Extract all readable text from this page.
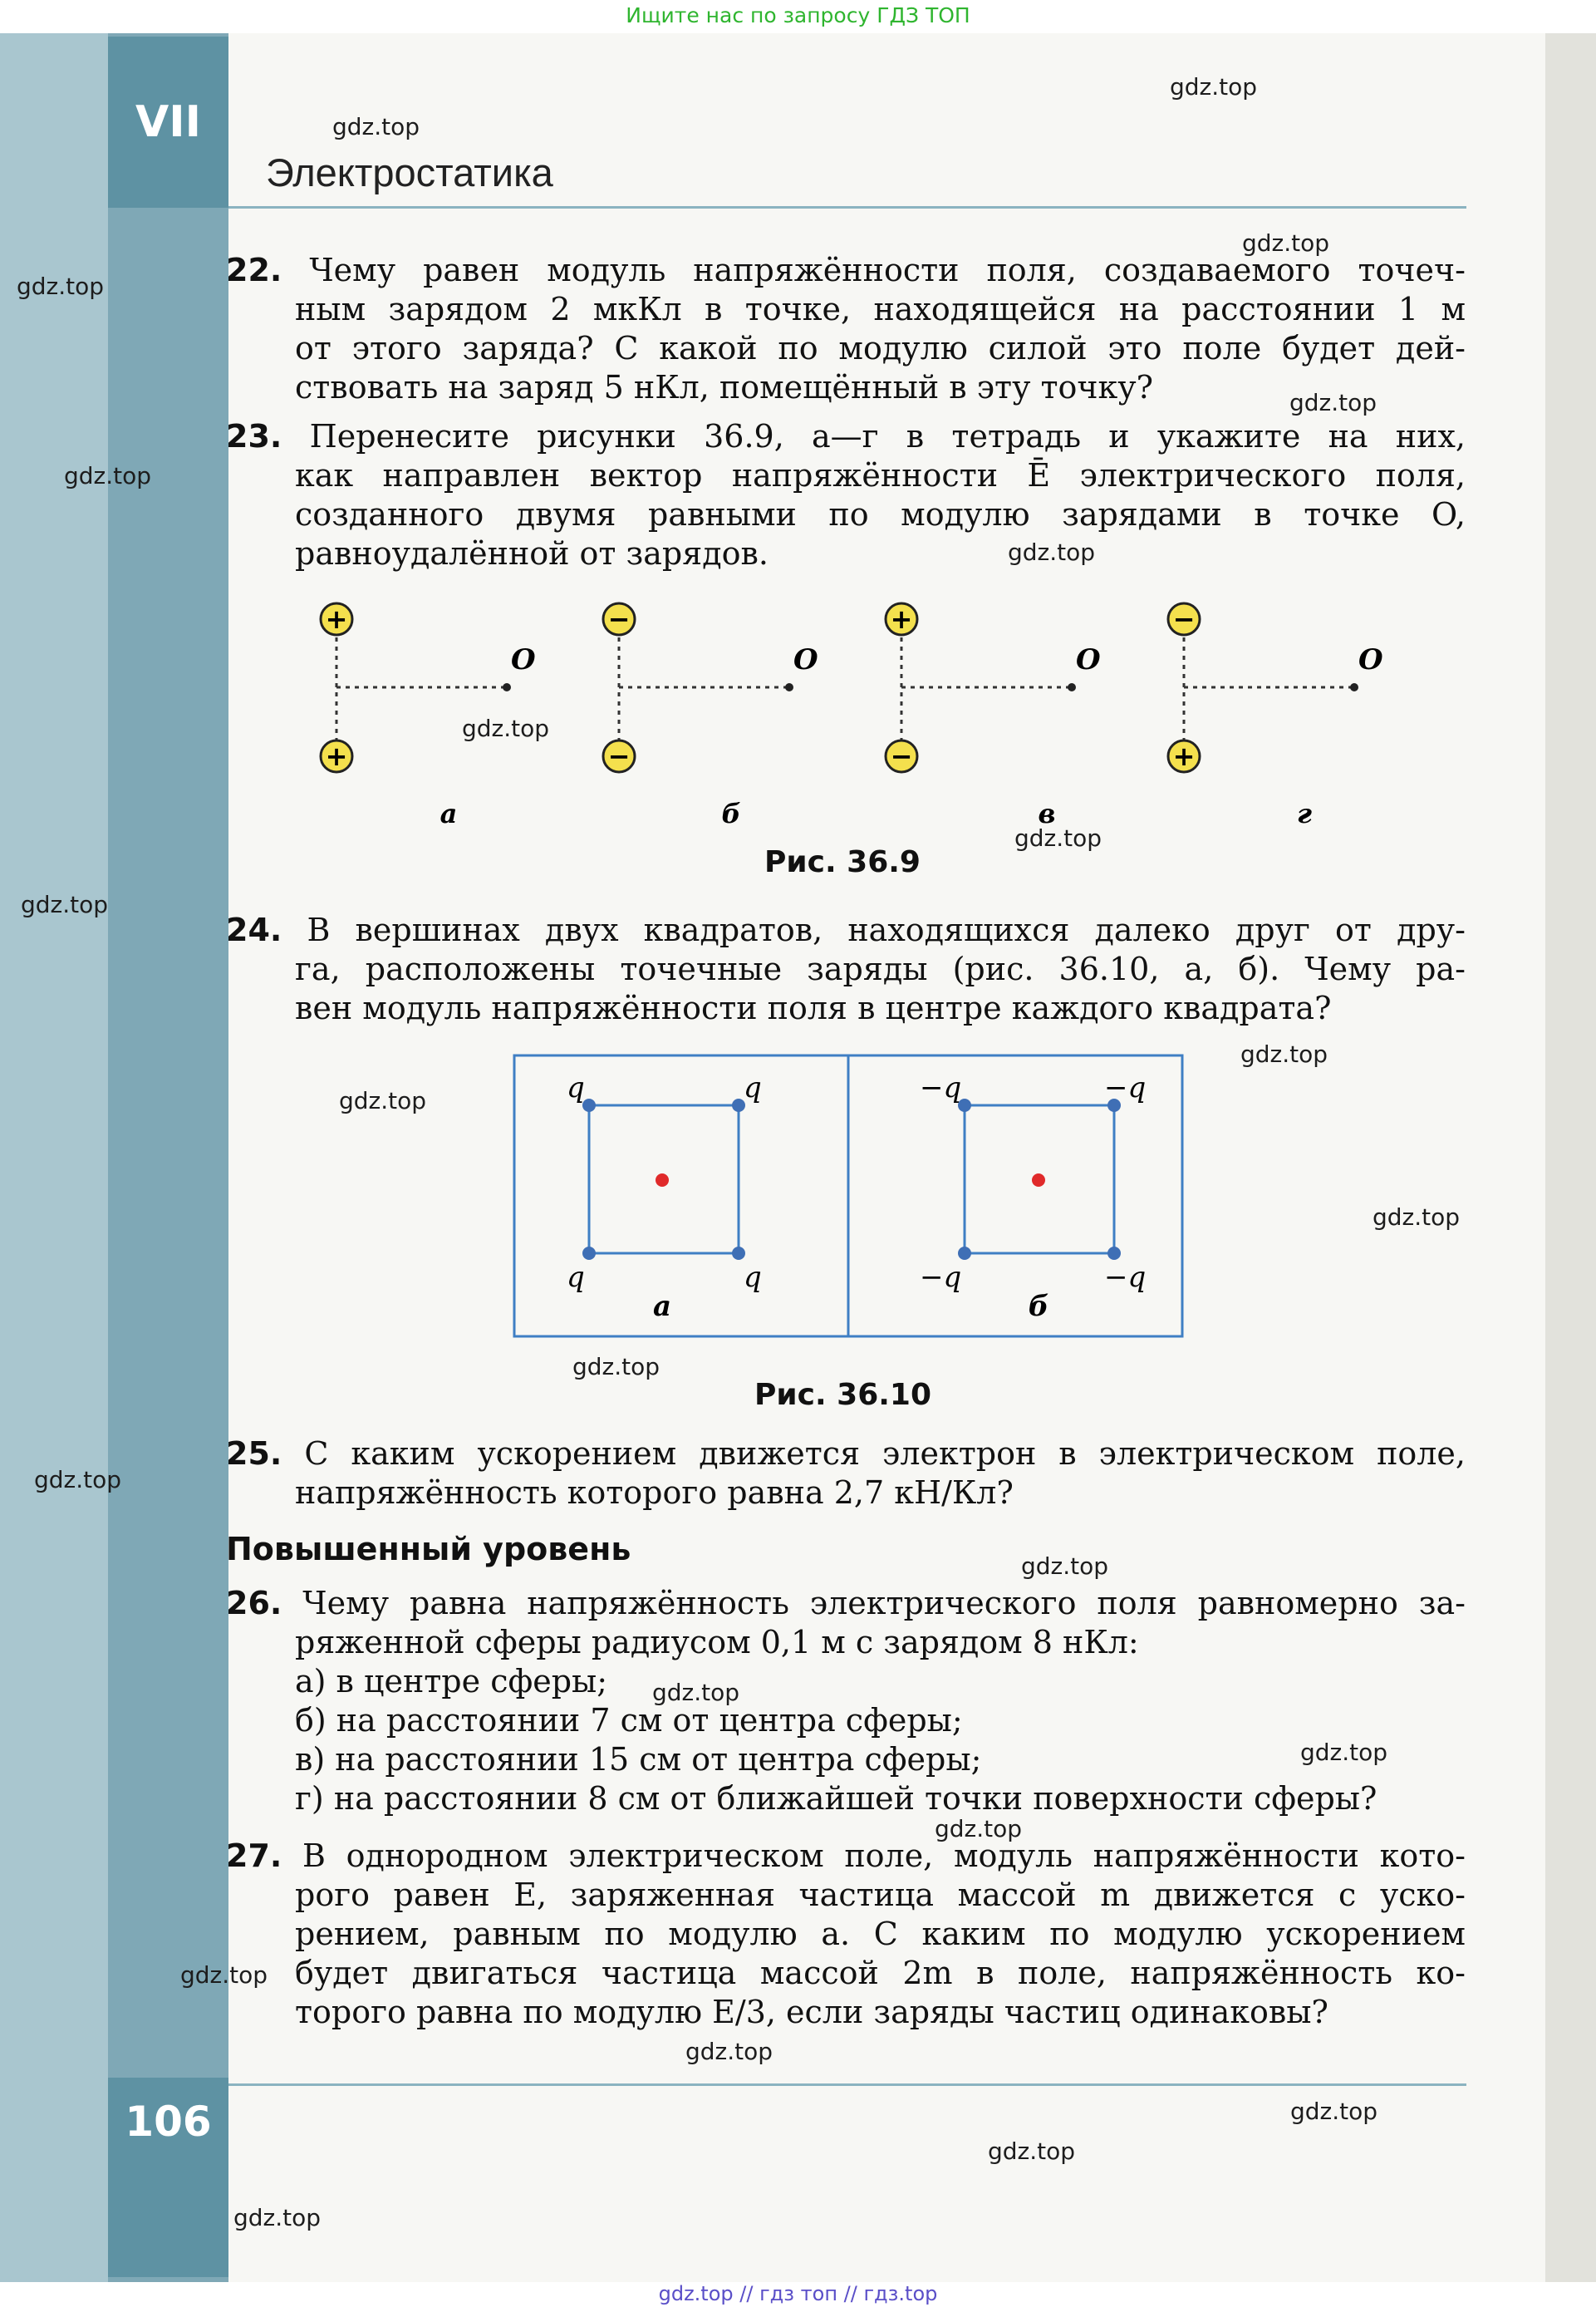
Ищите нас по запросу ГДЗ ТОП
VII
Электростатика
22. Чему равен модуль напряжённости поля, создаваемого точеч-
ным зарядом 2 мкКл в точке, находящейся на расстоянии 1 м
от этого заряда? С какой по модулю силой это поле будет дей-
ствовать на заряд 5 нКл, помещённый в эту точку?
23. Перенесите рисунки 36.9, а—г в тетрадь и укажите на них,
как направлен вектор напряжённости Ē электрического поля,
созданного двумя равными по модулю зарядами в точке O,
равноудалённой от зарядов.
+
+
O
а
−
−
O
б
+
−
O
в
−
+
O
г
Рис. 36.9
24. В вершинах двух квадратов, находящихся далеко друг от дру-
га, расположены точечные заряды (рис. 36.10, а, б). Чему ра-
вен модуль напряжённости поля в центре каждого квадрата?
q	q
q	q
а
−q	−q
−q	−q
б
Рис. 36.10
25. С каким ускорением движется электрон в электрическом поле,
напряжённость которого равна 2,7 кН/Кл?
Повышенный уровень
26. Чему равна напряжённость электрического поля равномерно за-
ряженной сферы радиусом 0,1 м с зарядом 8 нКл:
а) в центре сферы;
б) на расстоянии 7 см от центра сферы;
в) на расстоянии 15 см от центра сферы;
г) на расстоянии 8 см от ближайшей точки поверхности сферы?
27. В однородном электрическом поле, модуль напряжённости кото-
рого равен E, заряженная частица массой m движется с уско-
рением, равным по модулю a. С каким по модулю ускорением
будет двигаться частица массой 2m в поле, напряжённость ко-
торого равна по модулю E/3, если заряды частиц одинаковы?
106
gdz.top
gdz.top
gdz.top
gdz.top
gdz.top
gdz.top
gdz.top
gdz.top
gdz.top
gdz.top
gdz.top
gdz.top
gdz.top
gdz.top
gdz.top
gdz.top
gdz.top
gdz.top
gdz.top
gdz.top
gdz.top
gdz.top
gdz.top
gdz.top
gdz.top // гдз топ // гдз.top
